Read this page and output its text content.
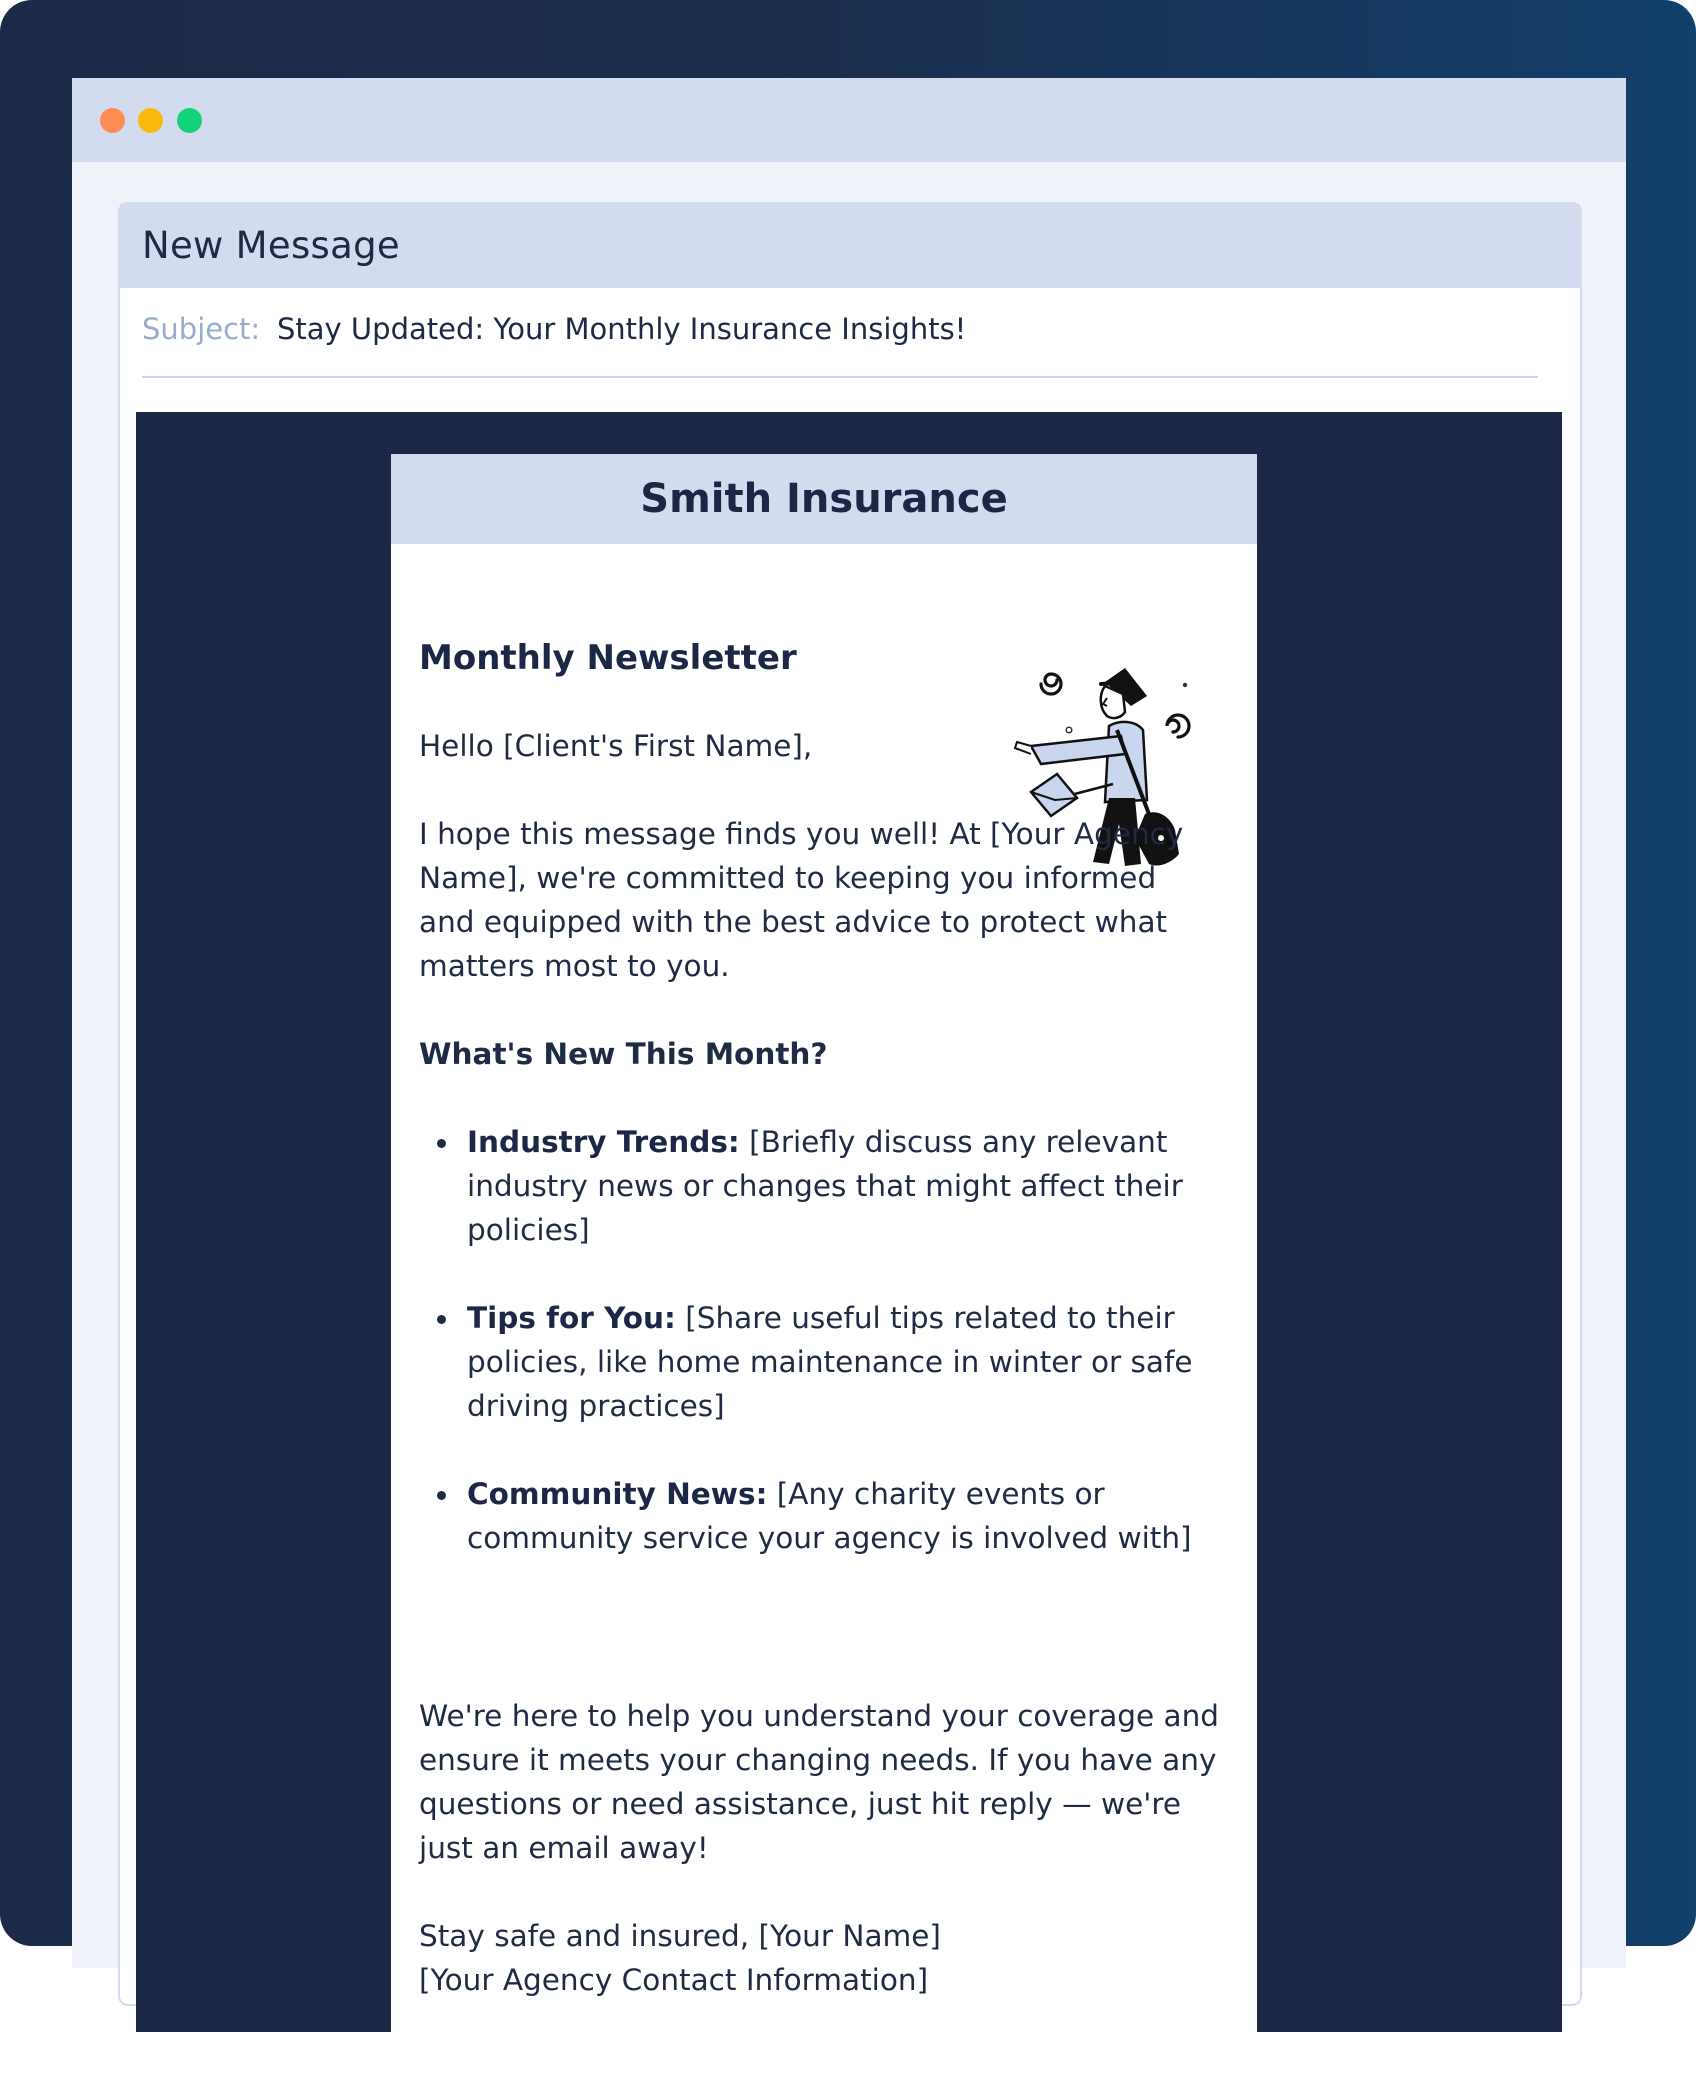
New Message
Subject: Stay Updated: Your Monthly Insurance Insights!
Smith Insurance
Monthly Newsletter

Hello [Client's First Name],

I hope this message finds you well! At [Your Agency Name], we're committed to keeping you informed and equipped with the best advice to protect what matters most to you.

What's New This Month?

Industry Trends: [Briefly discuss any relevant industry news or changes that might affect their policies]
Tips for You: [Share useful tips related to their policies, like home maintenance in winter or safe driving practices]
Community News: [Any charity events or community service your agency is involved with]

We're here to help you understand your coverage and ensure it meets your changing needs. If you have any questions or need assistance, just hit reply — we're just an email away!

Stay safe and insured, [Your Name]

[Your Agency Contact Information]
